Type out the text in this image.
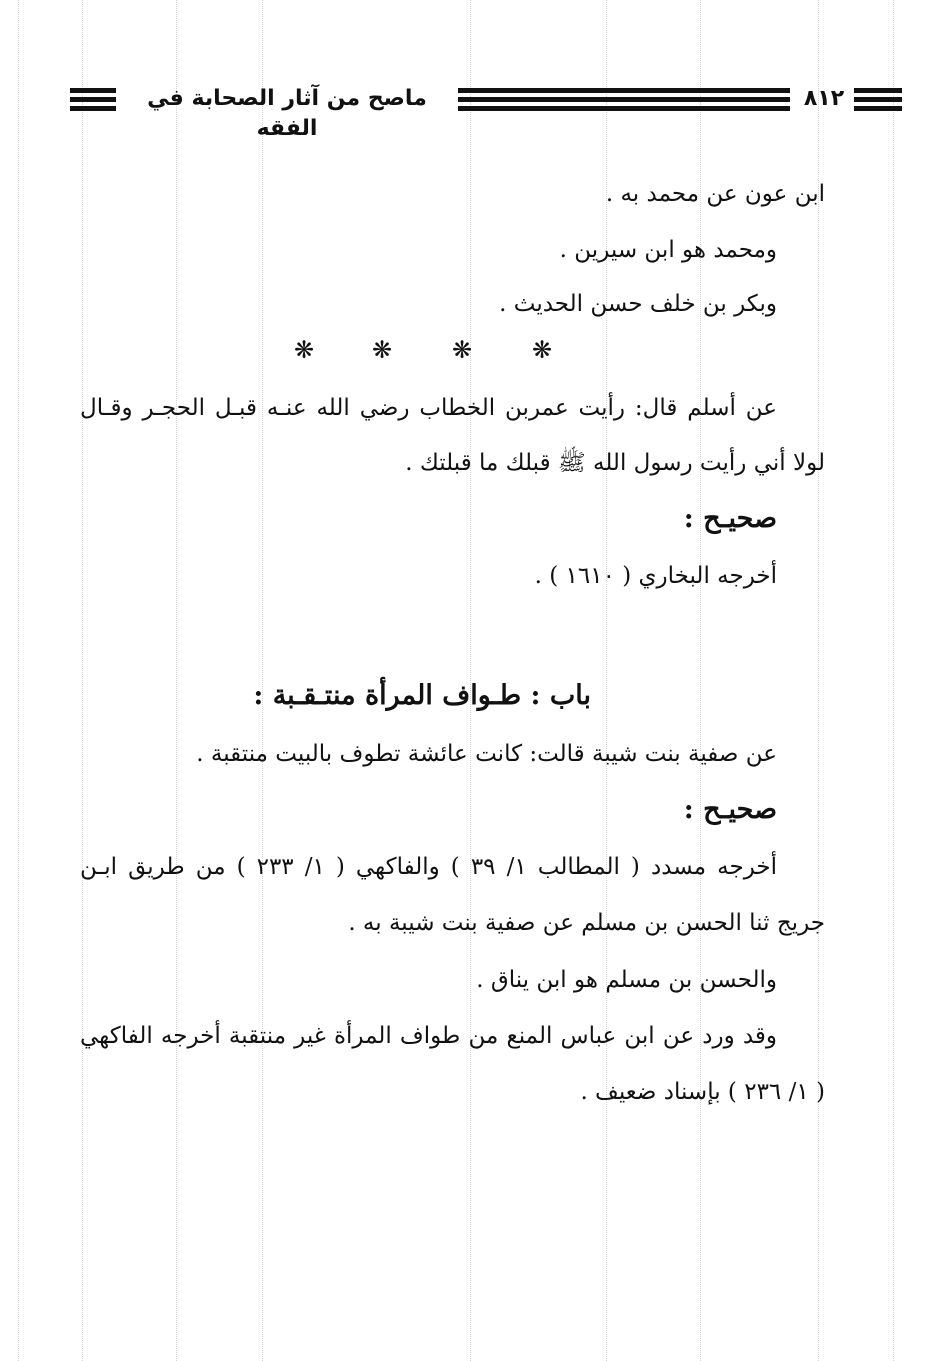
ماصح من آثار الصحابة في الفقه
٨١٢
ابن عون عن محمد به .
ومحمد هو ابن سيرين .
وبكر بن خلف حسن الحديث .
❋ ❋ ❋ ❋
عن أسلم قال: رأيت عمربن الخطاب رضي الله عنـه قبـل الحجـر وقـال
لولا أني رأيت رسول الله ﷺ قبلك ما قبلتك .
صحيـح :
أخرجه البخاري ( ١٦١٠ ) .
باب : طـواف المرأة منتـقـبة :
عن صفية بنت شيبة قالت: كانت عائشة تطوف بالبيت منتقبة .
صحيـح :
أخرجه مسدد ( المطالب ١/ ٣٩ ) والفاكهي ( ١/ ٢٣٣ ) من طريق ابـن
جريج ثنا الحسن بن مسلم عن صفية بنت شيبة به .
والحسن بن مسلم هو ابن يناق .
وقد ورد عن ابن عباس المنع من طواف المرأة غير منتقبة أخرجه الفاكهي
( ١/ ٢٣٦ ) بإسناد ضعيف .
